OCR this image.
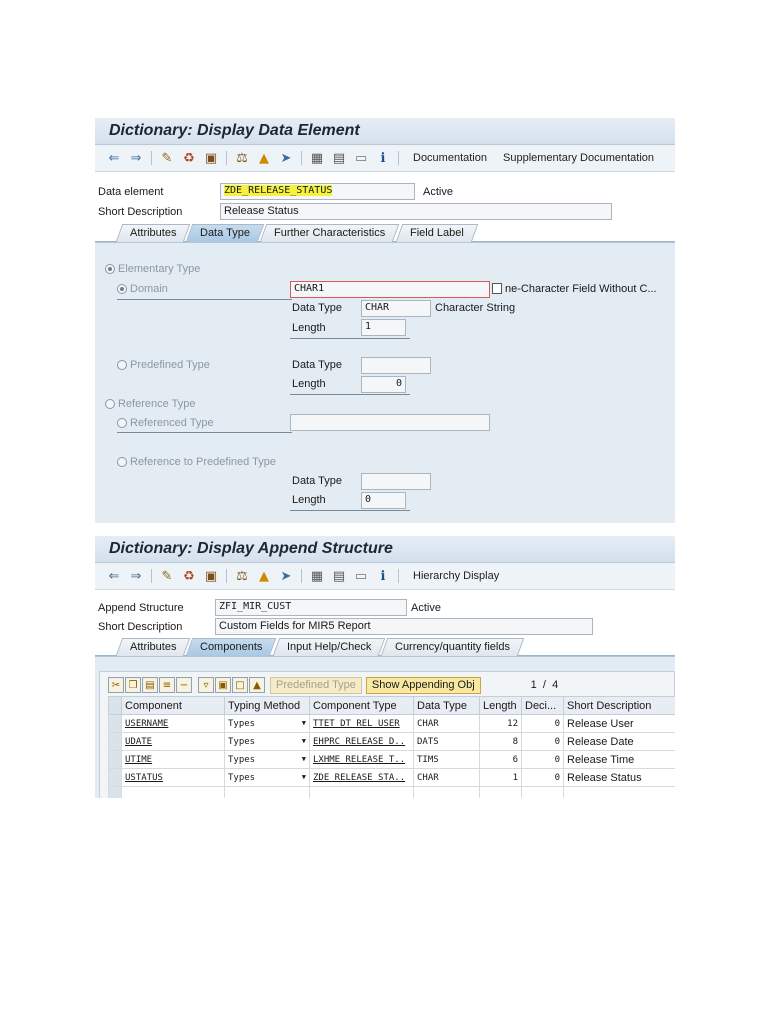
Dictionary: Display Data Element
⇐ ⇒	✎ ♻ ▣	⚖ ▲ ➤	▦ ▤ ▭	ℹ	Documentation Supplementary Documentation
Data element	ZDE_RELEASE_STATUS	Active
Short Description	Release Status
Attributes	Data Type	Further Characteristics	Field Label
Elementary Type
Domain	CHAR1	ne-Character Field Without C...
Data Type	CHAR	Character String
Length	1
Predefined Type	Data Type
Length	0
Reference Type
Referenced Type
Reference to Predefined Type
Data Type
Length	0
Dictionary: Display Append Structure
⇐ ⇒	✎ ♻ ▣	⚖ ▲ ➤	▦ ▤ ▭	ℹ	Hierarchy Display
Append Structure	ZFI_MIR_CUST	Active
Short Description	Custom Fields for MIR5 Report
Attributes	Components	Input Help/Check	Currency/quantity fields
✂ ❐ ▤ ≡ −	▿ ▣ □ ▲	Predefined Type	Show Appending Obj	1  /  4
	Component	Typing Method	Component Type	Data Type	Length	Deci...	Short Description
	USERNAME	Types ▼	TTET_DT_REL_USER	CHAR	12	0	Release User
	UDATE	Types ▼	EHPRC_RELEASE_D..	DATS	8	0	Release Date
	UTIME	Types ▼	LXHME_RELEASE_T..	TIMS	6	0	Release Time
	USTATUS	Types ▼	ZDE_RELEASE_STA..	CHAR	1	0	Release Status
